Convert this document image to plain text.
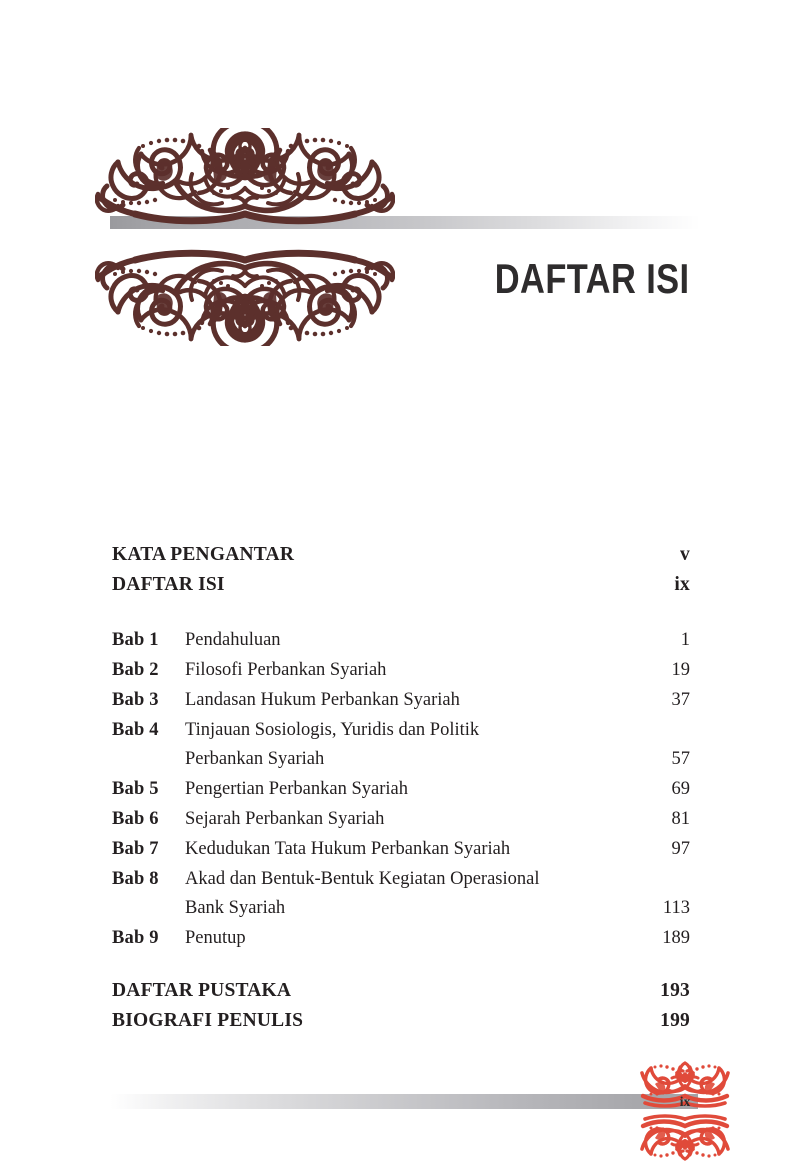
DAFTAR ISI
KATA PENGANTAR	v
DAFTAR ISI	ix
Bab 1	Pendahuluan	1
Bab 2	Filosofi Perbankan Syariah	19
Bab 3	Landasan Hukum Perbankan Syariah	37
Bab 4	Tinjauan Sosiologis, Yuridis dan Politik
Perbankan Syariah	57
Bab 5	Pengertian Perbankan Syariah	69
Bab 6	Sejarah Perbankan Syariah	81
Bab 7	Kedudukan Tata Hukum Perbankan Syariah	97
Bab 8	Akad dan Bentuk-Bentuk Kegiatan Operasional
Bank Syariah	113
Bab 9	Penutup	189
DAFTAR PUSTAKA	193
BIOGRAFI PENULIS	199
ix
